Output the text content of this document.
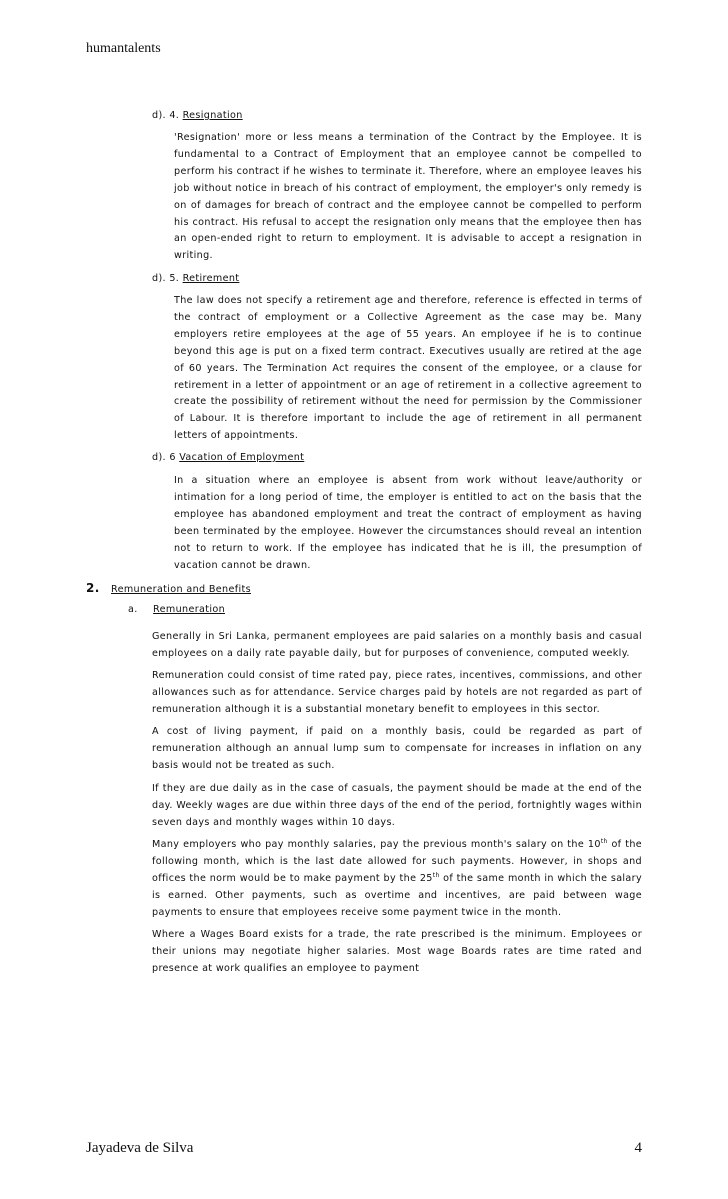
humantalents
d). 4. Resignation
'Resignation' more or less means a termination of the Contract by the Employee. It is fundamental to a Contract of Employment that an employee cannot be compelled to perform his contract if he wishes to terminate it. Therefore, where an employee leaves his job without notice in breach of his contract of employment, the employer's only remedy is on of damages for breach of contract and the employee cannot be compelled to perform his contract. His refusal to accept the resignation only means that the employee then has an open-ended right to return to employment. It is advisable to accept a resignation in writing.
d). 5. Retirement
The law does not specify a retirement age and therefore, reference is effected in terms of the contract of employment or a Collective Agreement as the case may be. Many employers retire employees at the age of 55 years. An employee if he is to continue beyond this age is put on a fixed term contract. Executives usually are retired at the age of 60 years. The Termination Act requires the consent of the employee, or a clause for retirement in a letter of appointment or an age of retirement in a collective agreement to create the possibility of retirement without the need for permission by the Commissioner of Labour. It is therefore important to include the age of retirement in all permanent letters of appointments.
d). 6 Vacation of Employment
In a situation where an employee is absent from work without leave/authority or intimation for a long period of time, the employer is entitled to act on the basis that the employee has abandoned employment and treat the contract of employment as having been terminated by the employee. However the circumstances should reveal an intention not to return to work. If the employee has indicated that he is ill, the presumption of vacation cannot be drawn.
2. Remuneration and Benefits
a. Remuneration
Generally in Sri Lanka, permanent employees are paid salaries on a monthly basis and casual employees on a daily rate payable daily, but for purposes of convenience, computed weekly.
Remuneration could consist of time rated pay, piece rates, incentives, commissions, and other allowances such as for attendance. Service charges paid by hotels are not regarded as part of remuneration although it is a substantial monetary benefit to employees in this sector.
A cost of living payment, if paid on a monthly basis, could be regarded as part of remuneration although an annual lump sum to compensate for increases in inflation on any basis would not be treated as such.
If they are due daily as in the case of casuals, the payment should be made at the end of the day. Weekly wages are due within three days of the end of the period, fortnightly wages within seven days and monthly wages within 10 days.
Many employers who pay monthly salaries, pay the previous month's salary on the 10th of the following month, which is the last date allowed for such payments. However, in shops and offices the norm would be to make payment by the 25th of the same month in which the salary is earned. Other payments, such as overtime and incentives, are paid between wage payments to ensure that employees receive some payment twice in the month.
Where a Wages Board exists for a trade, the rate prescribed is the minimum. Employees or their unions may negotiate higher salaries. Most wage Boards rates are time rated and presence at work qualifies an employee to payment
Jayadeva de Silva	4
